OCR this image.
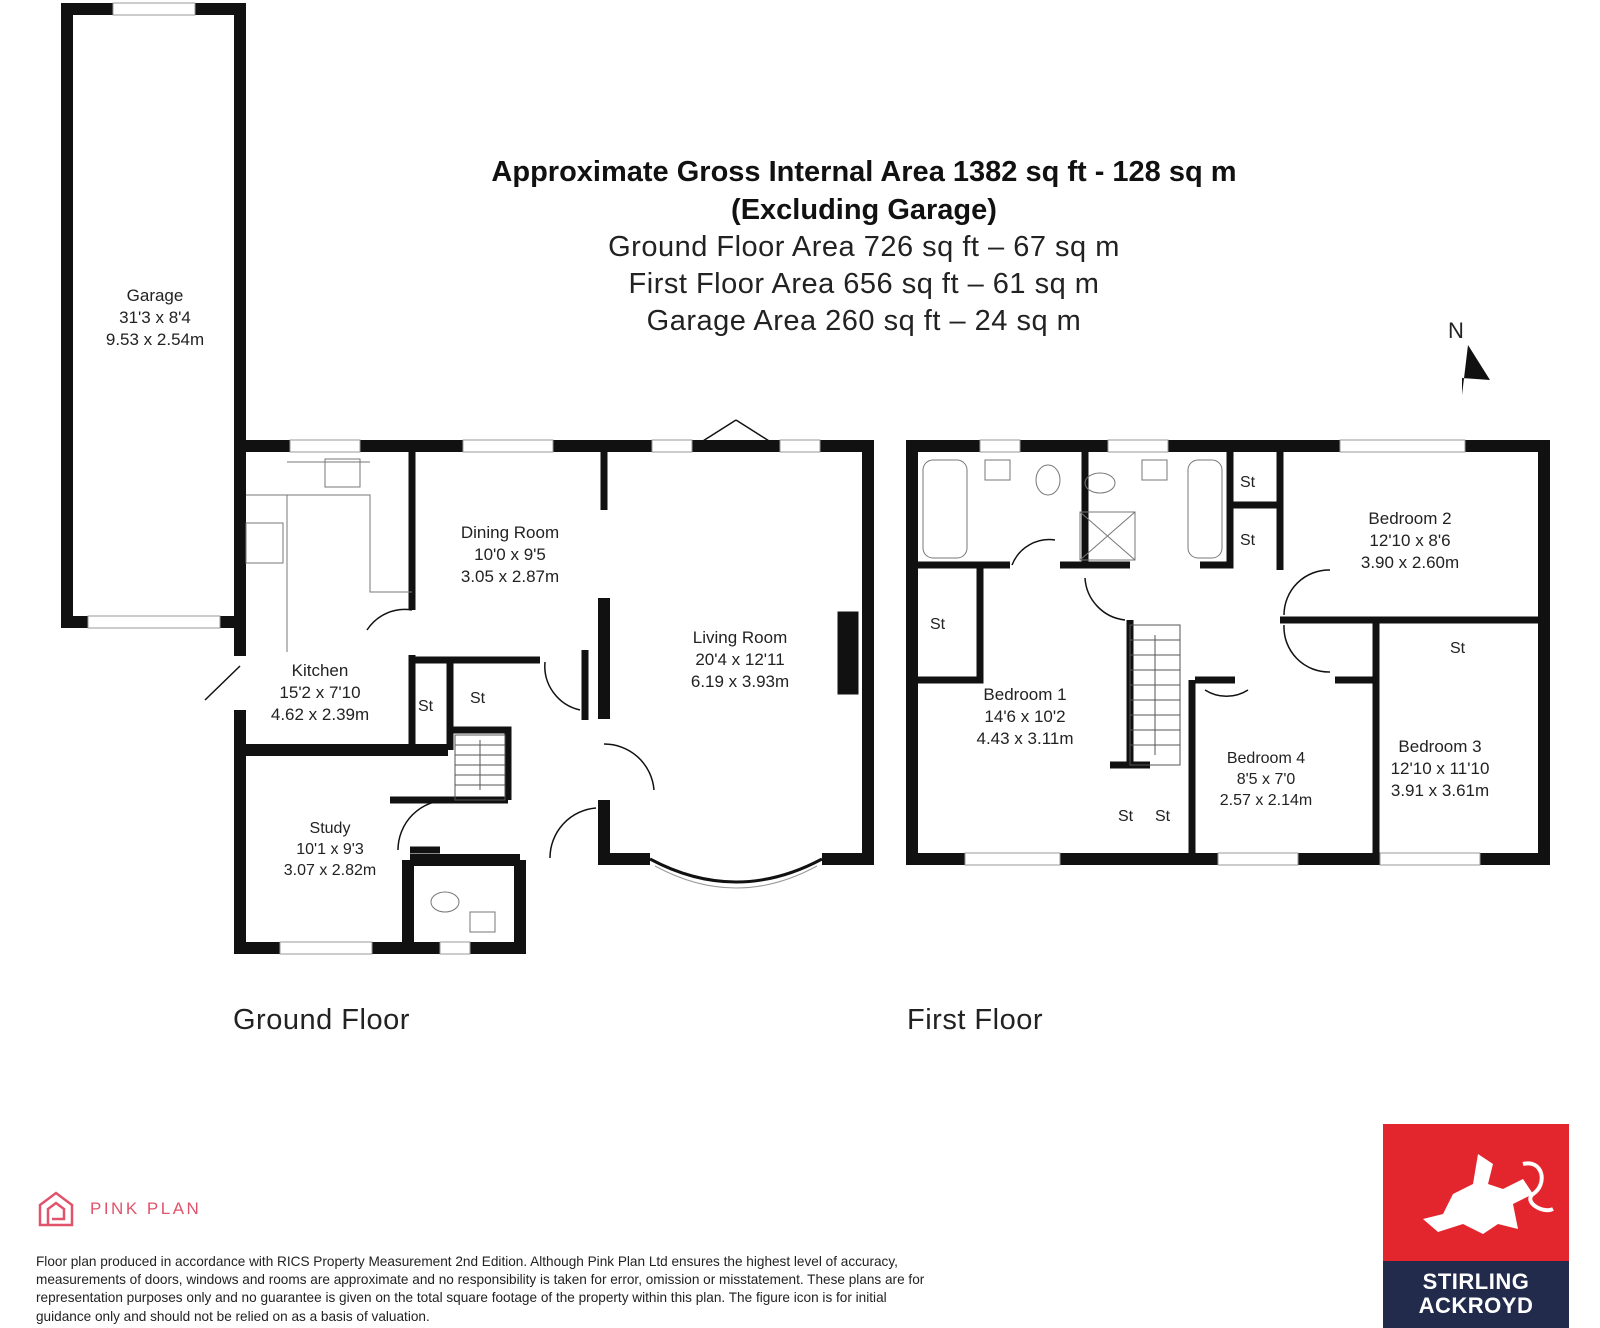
Approximate Gross Internal Area 1382 sq ft - 128 sq m
(Excluding Garage)
Ground Floor Area 726 sq ft – 67 sq m
First Floor Area 656 sq ft – 61 sq m
Garage Area 260 sq ft – 24 sq m	N
Garage
31'3 x 8'4
9.53 x 2.54m
Dining Room
10'0 x 9'5
3.05 x 2.87m
Living Room
20'4 x 12'11
6.19 x 3.93m
Kitchen
15'2 x 7'10
4.62 x 2.39m
Study
10'1 x 9'3
3.07 x 2.82m
Bedroom 1
14'6 x 10'2
4.43 x 3.11m
Bedroom 2
12'10 x 8'6
3.90 x 2.60m
Bedroom 3
12'10 x 11'10
3.91 x 3.61m
Bedroom 4
8'5 x 7'0
2.57 x 2.14m
St St
St
St
St
St
St St
Ground Floor	First Floor
PINK PLAN
Floor plan produced in accordance with RICS Property Measurement 2nd Edition. Although Pink Plan Ltd ensures the highest level of accuracy, measurements of doors, windows and rooms are approximate and no responsibility is taken for error, omission or misstatement. These plans are for representation purposes only and no guarantee is given on the total square footage of the property within this plan. The figure icon is for initial guidance only and should not be relied on as a basis of valuation.
STIRLING
ACKROYD
